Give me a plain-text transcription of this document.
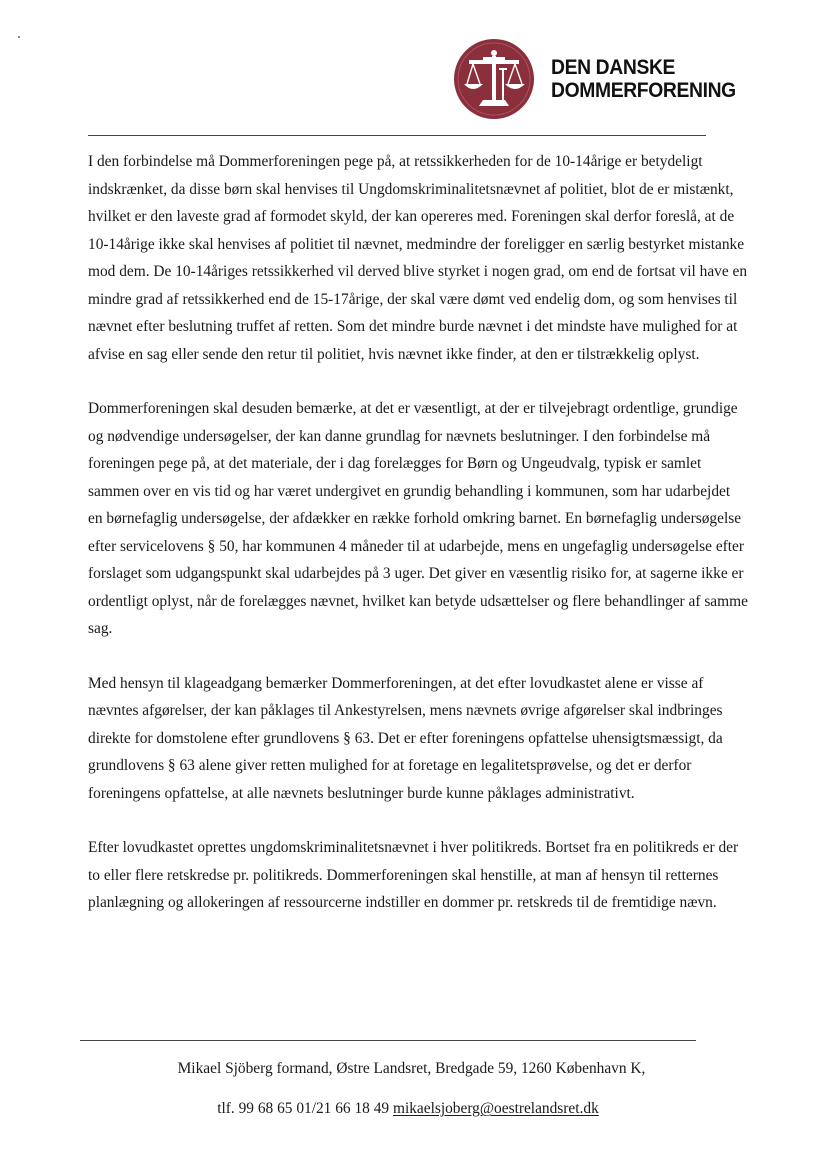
DEN DANSKE
DOMMERFORENING

I den forbindelse må Dommerforeningen pege på, at retssikkerheden for de 10-14årige er betydeligt indskrænket, da disse børn skal henvises til Ungdomskriminalitetsnævnet af politiet, blot de er mistænkt, hvilket er den laveste grad af formodet skyld, der kan opereres med. Foreningen skal derfor foreslå, at de 10-14årige ikke skal henvises af politiet til nævnet, medmindre der foreligger en særlig bestyrket mistanke mod dem. De 10-14åriges retssikkerhed vil derved blive styrket i nogen grad, om end de fortsat vil have en mindre grad af retssikkerhed end de 15-17årige, der skal være dømt ved endelig dom, og som henvises til nævnet efter beslutning truffet af retten. Som det mindre burde nævnet i det mindste have mulighed for at afvise en sag eller sende den retur til politiet, hvis nævnet ikke finder, at den er tilstrækkelig oplyst.

Dommerforeningen skal desuden bemærke, at det er væsentligt, at der er tilvejebragt ordentlige, grundige og nødvendige undersøgelser, der kan danne grundlag for nævnets beslutninger. I den forbindelse må foreningen pege på, at det materiale, der i dag forelægges for Børn og Ungeudvalg, typisk er samlet sammen over en vis tid og har været undergivet en grundig behandling i kommunen, som har udarbejdet en børnefaglig undersøgelse, der afdækker en række forhold omkring barnet. En børnefaglig undersøgelse efter servicelovens § 50, har kommunen 4 måneder til at udarbejde, mens en ungefaglig undersøgelse efter forslaget som udgangspunkt skal udarbejdes på 3 uger. Det giver en væsentlig risiko for, at sagerne ikke er ordentligt oplyst, når de forelægges nævnet, hvilket kan betyde udsættelser og flere behandlinger af samme sag.

Med hensyn til klageadgang bemærker Dommerforeningen, at det efter lovudkastet alene er visse af nævntes afgørelser, der kan påklages til Ankestyrelsen, mens nævnets øvrige afgørelser skal indbringes direkte for domstolene efter grundlovens § 63. Det er efter foreningens opfattelse uhensigtsmæssigt, da grundlovens § 63 alene giver retten mulighed for at foretage en legalitetsprøvelse, og det er derfor foreningens opfattelse, at alle nævnets beslutninger burde kunne påklages administrativt.

Efter lovudkastet oprettes ungdomskriminalitetsnævnet i hver politikreds. Bortset fra en politikreds er der to eller flere retskredse pr. politikreds. Dommerforeningen skal henstille, at man af hensyn til retternes planlægning og allokeringen af ressourcerne indstiller en dommer pr. retskreds til de fremtidige nævn.

Mikael Sjöberg formand, Østre Landsret, Bredgade 59, 1260 København K,
tlf. 99 68 65 01/21 66 18 49 mikaelsjoberg@oestrelandsret.dk
